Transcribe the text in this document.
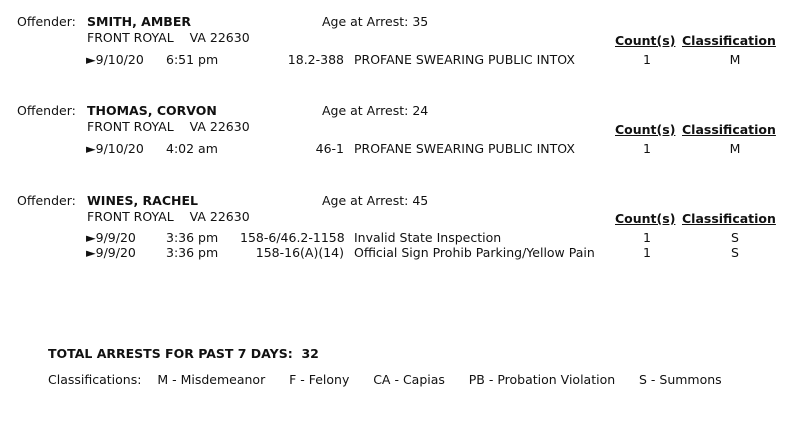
Offender: SMITH, AMBER	Age at Arrest: 35
FRONT ROYAL VA 22630	Count(s) Classification
►9/10/20 6:51 pm	18.2-388 PROFANE SWEARING PUBLIC INTOX	1	M
Offender: THOMAS, CORVON	Age at Arrest: 24
FRONT ROYAL VA 22630	Count(s) Classification
►9/10/20 4:02 am	46-1 PROFANE SWEARING PUBLIC INTOX	1	M
Offender: WINES, RACHEL	Age at Arrest: 45
FRONT ROYAL VA 22630	Count(s) Classification
►9/9/20 3:36 pm 158-6/46.2-1158 Invalid State Inspection	1	S
►9/9/20 3:36 pm	158-16(A)(14) Official Sign Prohib Parking/Yellow Pain	1	S
TOTAL ARRESTS FOR PAST 7 DAYS: 32
Classifications: M - Misdemeanor F - Felony CA - Capias PB - Probation Violation S - Summons
